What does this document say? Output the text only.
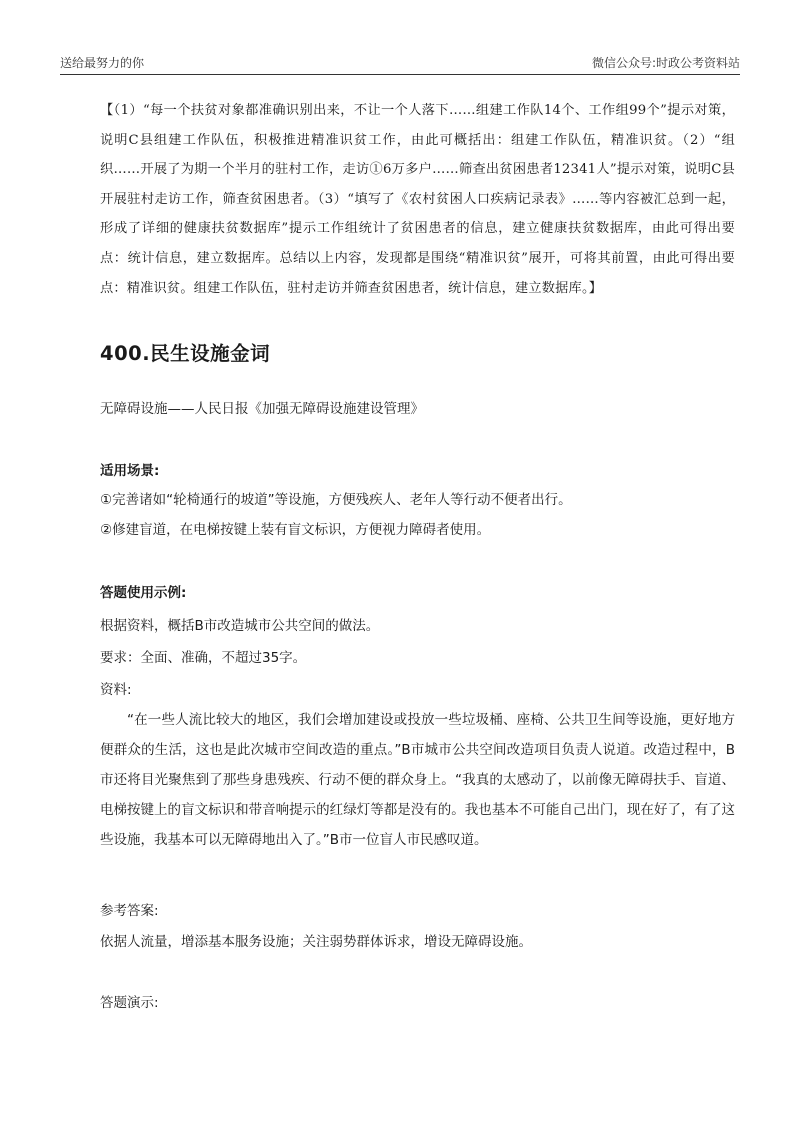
送给最努力的你	微信公众号:时政公考资料站
【（1）“每一个扶贫对象都准确识别出来，不让一个人落下……组建工作队14个、工作组99个”提示对策，说明C县组建工作队伍，积极推进精准识贫工作，由此可概括出：组建工作队伍，精准识贫。（2）“组织……开展了为期一个半月的驻村工作，走访①6万多户……筛查出贫困患者12341人”提示对策，说明C县开展驻村走访工作，筛查贫困患者。（3）“填写了《农村贫困人口疾病记录表》……等内容被汇总到一起，形成了详细的健康扶贫数据库”提示工作组统计了贫困患者的信息，建立健康扶贫数据库，由此可得出要点：统计信息，建立数据库。总结以上内容，发现都是围绕“精准识贫”展开，可将其前置，由此可得出要点：精准识贫。组建工作队伍，驻村走访并筛查贫困患者，统计信息，建立数据库。】
400.民生设施金词
无障碍设施——人民日报《加强无障碍设施建设管理》
适用场景:
①完善诸如“轮椅通行的坡道”等设施，方便残疾人、老年人等行动不便者出行。
②修建盲道，在电梯按键上装有盲文标识，方便视力障碍者使用。
答题使用示例:
根据资料，概括B市改造城市公共空间的做法。
要求：全面、准确，不超过35字。
资料:
“在一些人流比较大的地区，我们会增加建设或投放一些垃圾桶、座椅、公共卫生间等设施，更好地方便群众的生活，这也是此次城市空间改造的重点。”B市城市公共空间改造项目负责人说道。改造过程中，B市还将目光聚焦到了那些身患残疾、行动不便的群众身上。“我真的太感动了，以前像无障碍扶手、盲道、电梯按键上的盲文标识和带音响提示的红绿灯等都是没有的。我也基本不可能自己出门，现在好了，有了这些设施，我基本可以无障碍地出入了。”B市一位盲人市民感叹道。
参考答案:
依据人流量，增添基本服务设施；关注弱势群体诉求，增设无障碍设施。
答题演示:
